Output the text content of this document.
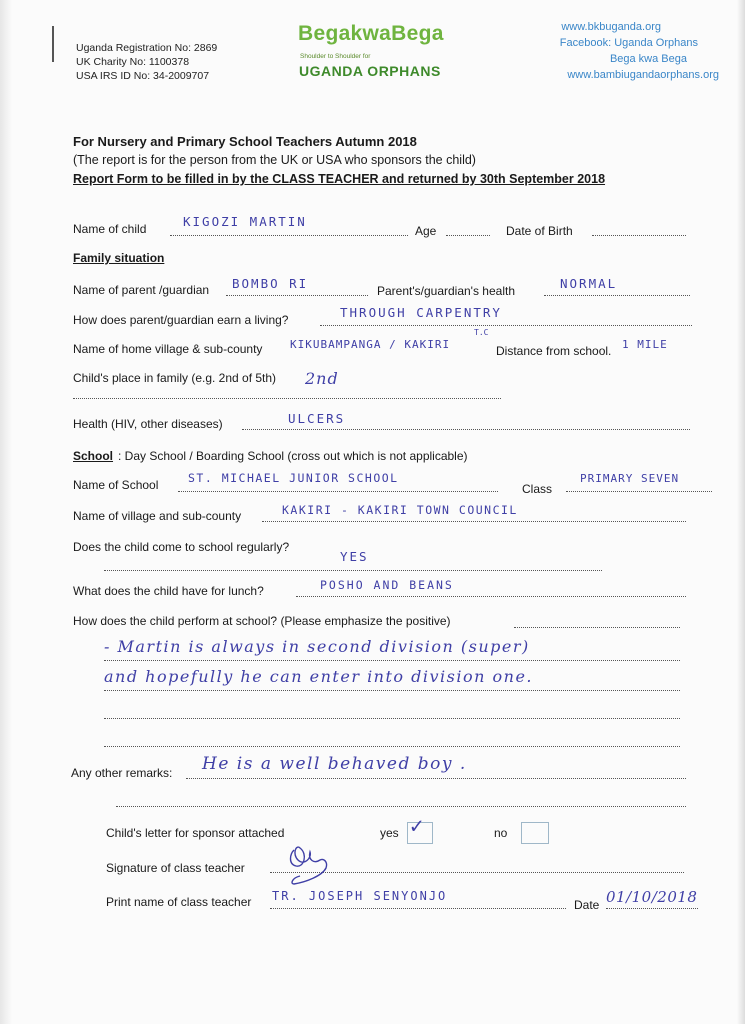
Uganda Registration No: 2869
UK Charity No: 1100378
USA IRS ID No: 34-2009707
BegakwaBega
Shoulder to Shoulder for
UGANDA ORPHANS
www.bkbuganda.org
Facebook: Uganda Orphans
Bega kwa Bega
www.bambiugandaorphans.org
For Nursery and Primary School Teachers Autumn 2018
(The report is for the person from the UK or USA who sponsors the child)
Report Form to be filled in by the CLASS TEACHER and returned by 30th September 2018
Name of child	KIGOZI MARTIN
Age	Date of Birth
Family situation
Name of parent /guardian BOMBO RI	Parent's/guardian's health	NORMAL
How does parent/guardian earn a living?	THROUGH CARPENTRY
Name of home village & sub-county	KIKUBAMPANGA / KAKIRI
T.C
Distance from school. 1 MILE
Child's place in family (e.g. 2nd of 5th) 2nd
Health (HIV, other diseases)	ULCERS
School : Day School / Boarding School (cross out which is not applicable)
Name of School	ST. MICHAEL JUNIOR SCHOOL
Class
PRIMARY SEVEN
Name of village and sub-county	KAKIRI - KAKIRI TOWN COUNCIL
Does the child come to school regularly?
YES
What does the child have for lunch?	POSHO AND BEANS
How does the child perform at school? (Please emphasize the positive)
- Martin is always in second division (super)
and hopefully he can enter into division one.
Any other remarks: He is a well behaved boy .
Child's letter for sponsor attached	yes ✓	no
Signature of class teacher
Print name of class teacher TR. JOSEPH SENYONJO
Date 01/10/2018
